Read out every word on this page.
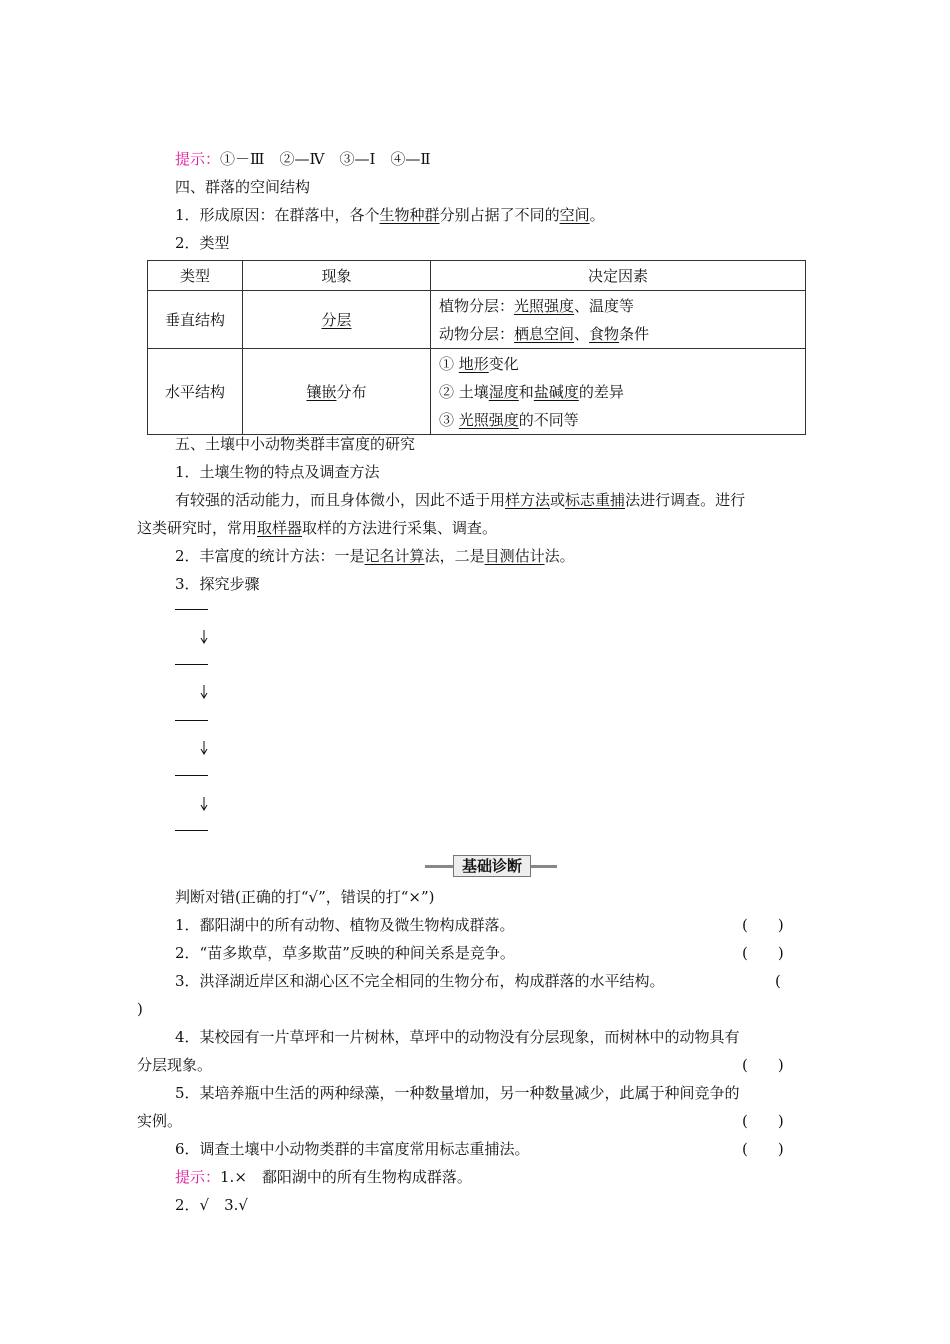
提示：①－Ⅲ　②—Ⅳ　③—Ⅰ　④—Ⅱ
四、群落的空间结构
1．形成原因：在群落中，各个生物种群分别占据了不同的空间。
2．类型
类型	现象	决定因素
垂直结构	分层	植物分层：光照强度、温度等
动物分层：栖息空间、食物条件

水平结构	镶嵌分布	① 地形变化
② 土壤湿度和盐碱度的差异
③ 光照强度的不同等
五、土壤中小动物类群丰富度的研究
1．土壤生物的特点及调查方法
有较强的活动能力，而且身体微小，因此不适于用样方法或标志重捕法进行调查。进行
这类研究时，常用取样器取样的方法进行采集、调查。
2．丰富度的统计方法：一是记名计算法，二是目测估计法。
3．探究步骤
基础诊断
判断对错(正确的打“√”，错误的打“×”)
1．鄱阳湖中的所有动物、植物及微生物构成群落。	(　　)
2．“苗多欺草，草多欺苗”反映的种间关系是竞争。	(　　)
3．洪泽湖近岸区和湖心区不完全相同的生物分布，构成群落的水平结构。	(
)
4．某校园有一片草坪和一片树林，草坪中的动物没有分层现象，而树林中的动物具有
分层现象。	(　　)
5．某培养瓶中生活的两种绿藻，一种数量增加，另一种数量减少，此属于种间竞争的
实例。	(　　)
6．调查土壤中小动物类群的丰富度常用标志重捕法。	(　　)
提示：1.×　鄱阳湖中的所有生物构成群落。
2．√　3.√
